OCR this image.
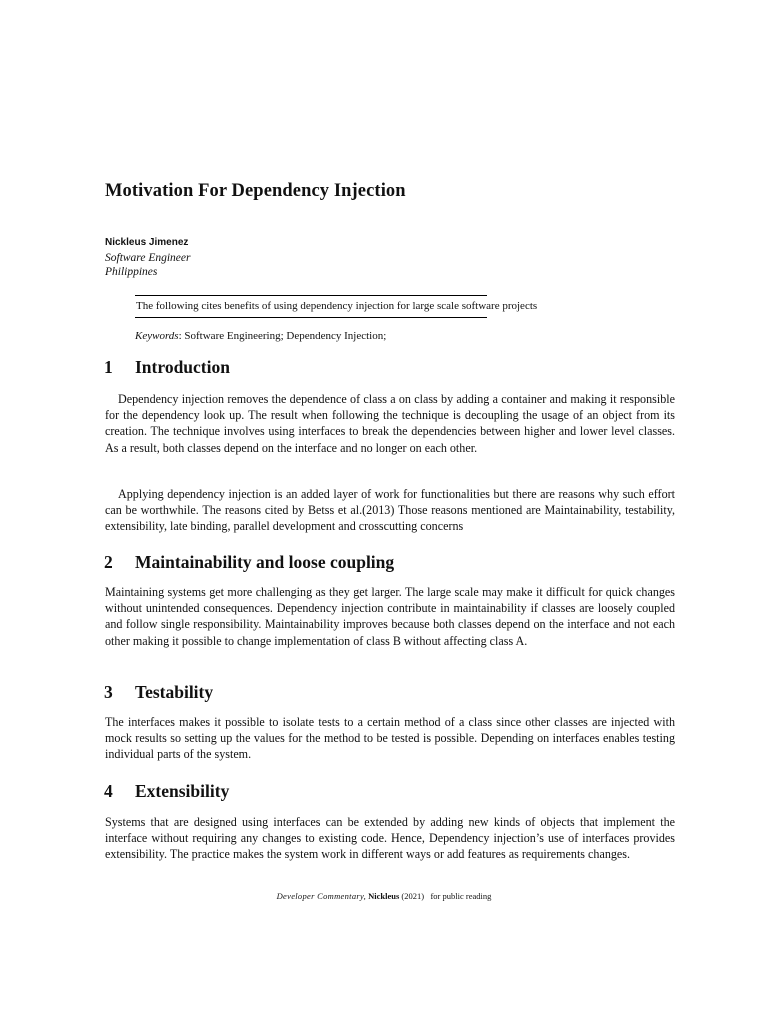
Motivation For Dependency Injection
Nickleus Jimenez
Software Engineer
Philippines
The following cites benefits of using dependency injection for large scale software projects
Keywords: Software Engineering; Dependency Injection;
1 Introduction

Dependency injection removes the dependence of class a on class by adding a container and making it responsible for the dependency look up. The result when following the technique is decoupling the usage of an object from its creation. The technique involves using interfaces to break the dependencies between higher and lower level classes. As a result, both classes depend on the interface and no longer on each other.

Applying dependency injection is an added layer of work for functionalities but there are reasons why such effort can be worthwhile. The reasons cited by Betss et al.(2013) Those reasons mentioned are Maintainability, testability, extensibility, late binding, parallel development and crosscutting concerns

2 Maintainability and loose coupling

Maintaining systems get more challenging as they get larger. The large scale may make it difficult for quick changes without unintended consequences. Dependency injection contribute in maintainability if classes are loosely coupled and follow single responsibility. Maintainability improves because both classes depend on the interface and not each other making it possible to change implementation of class B without affecting class A.

3 Testability

The interfaces makes it possible to isolate tests to a certain method of a class since other classes are injected with mock results so setting up the values for the method to be tested is possible. Depending on interfaces enables testing individual parts of the system.

4 Extensibility

Systems that are designed using interfaces can be extended by adding new kinds of objects that implement the interface without requiring any changes to existing code. Hence, Dependency injection’s use of interfaces provides extensibility. The practice makes the system work in different ways or add features as requirements changes.

Developer Commentary, Nickleus (2021) for public reading
